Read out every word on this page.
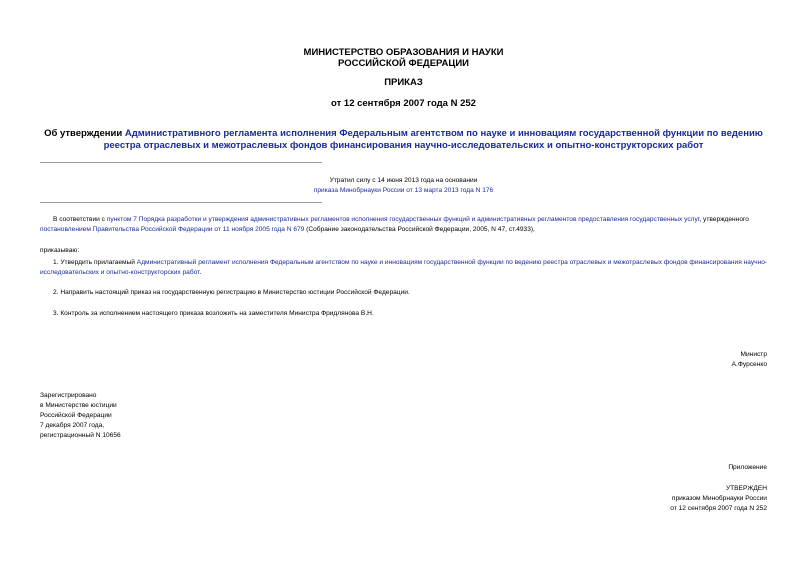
МИНИСТЕРСТВО ОБРАЗОВАНИЯ И НАУКИ
РОССИЙСКОЙ ФЕДЕРАЦИИ
ПРИКАЗ
от 12 сентября 2007 года N 252
Об утверждении Административного регламента исполнения Федеральным агентством по науке и инновациям государственной функции по ведению реестра отраслевых и межотраслевых фондов финансирования научно-исследовательских и опытно-конструкторских работ
Утратил силу с 14 июня 2013 года на основании
приказа Минобрнауки России от 13 марта 2013 года N 176
В соответствии с пунктом 7 Порядка разработки и утверждения административных регламентов исполнения государственных функций и административных регламентов предоставления государственных услуг, утвержденного постановлением Правительства Российской Федерации от 11 ноября 2005 года N 679 (Собрание законодательства Российской Федерации, 2005, N 47, ст.4933),
приказываю:
1. Утвердить прилагаемый Административный регламент исполнения Федеральным агентством по науке и инновациям государственной функции по ведению реестра отраслевых и межотраслевых фондов финансирования научно-исследовательских и опытно-конструкторских работ.
2. Направить настоящий приказ на государственную регистрацию в Министерство юстиции Российской Федерации.
3. Контроль за исполнением настоящего приказа возложить на заместителя Министра Фридлянова В.Н.
Министр
А.Фурсенко
Зарегистрировано
в Министерстве юстиции
Российской Федерации
7 декабря 2007 года,
регистрационный N 10656
Приложение
УТВЕРЖДЕН
приказом Минобрнауки России
от 12 сентября 2007 года N 252
